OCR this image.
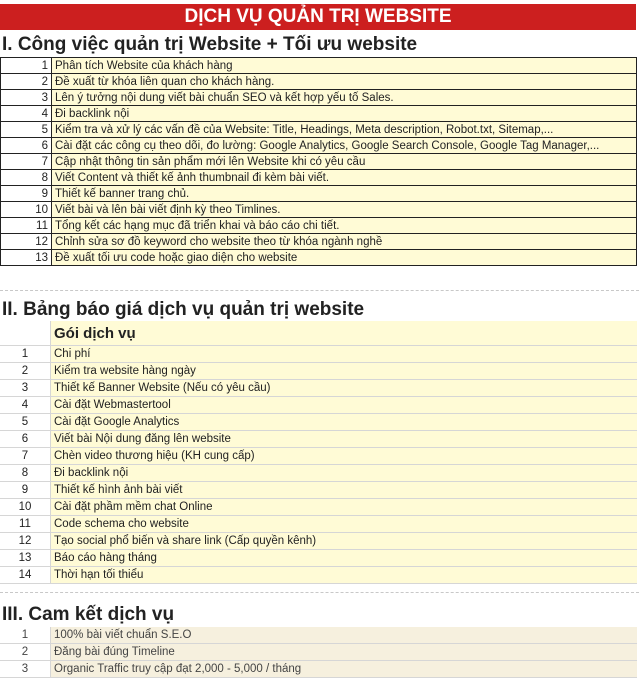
DỊCH VỤ QUẢN TRỊ WEBSITE
I. Công việc quản trị Website + Tối ưu website
1	Phân tích Website của khách hàng
2	Đề xuất từ khóa liên quan cho khách hàng.
3	Lên ý tưởng nội dung viết bài chuẩn SEO và kết hợp yếu tố Sales.
4	Đi backlink nội
5	Kiểm tra và xử lý các vấn đề của Website: Title, Headings, Meta description, Robot.txt, Sitemap,...
6	Cài đặt các công cụ theo dõi, đo lường: Google Analytics, Google Search Console, Google Tag Manager,...
7	Cập nhật thông tin sản phẩm mới lên Website khi có yêu cầu
8	Viết Content và thiết kế ảnh thumbnail đi kèm bài viết.
9	Thiết kế banner trang chủ.
10	Viết bài và lên bài viết định kỳ theo Timlines.
11	Tổng kết các hạng mục đã triển khai và báo cáo chi tiết.
12	Chỉnh sửa sơ đồ keyword cho website theo từ khóa ngành nghề
13	Đề xuất tối ưu code hoặc giao diện cho website
II. Bảng báo giá dịch vụ quản trị website
	Gói dịch vụ
1	Chi phí
2	Kiểm tra website hàng ngày
3	Thiết kế Banner Website (Nếu có yêu cầu)
4	Cài đặt Webmastertool
5	Cài đặt Google Analytics
6	Viết bài Nội dung đăng lên website
7	Chèn video thương hiệu (KH cung cấp)
8	Đi backlink nội
9	Thiết kế hình ảnh bài viết
10	Cài đặt phầm mềm chat Online
11	Code schema cho website
12	Tạo social phổ biến và share link (Cấp quyền kênh)
13	Báo cáo hàng tháng
14	Thời hạn tối thiểu
III. Cam kết dịch vụ
1	100% bài viết chuẩn S.E.O
2	Đăng bài đúng Timeline
3	Organic Traffic truy cập đạt 2,000 - 5,000 / tháng
